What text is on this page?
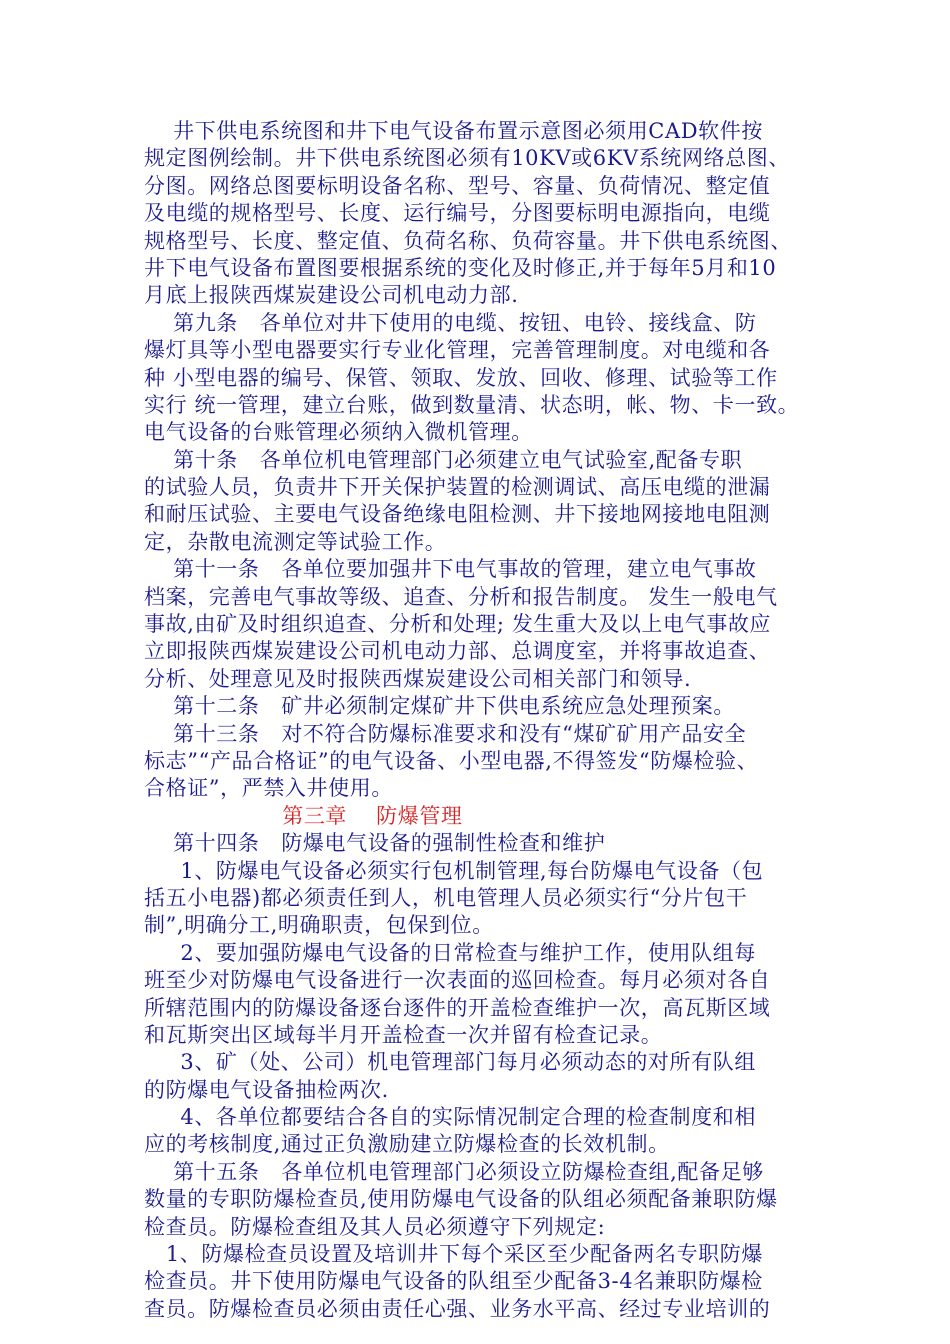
井下供电系统图和井下电气设备布置示意图必须用CAD软件按

规定图例绘制。井下供电系统图必须有10KV或6KV系统网络总图、

分图。网络总图要标明设备名称、型号、容量、负荷情况、整定值

及电缆的规格型号、长度、运行编号，分图要标明电源指向，电缆

规格型号、长度、整定值、负荷名称、负荷容量。井下供电系统图、

井下电气设备布置图要根据系统的变化及时修正,并于每年5月和10

月底上报陕西煤炭建设公司机电动力部.

第九条   各单位对井下使用的电缆、按钮、电铃、接线盒、防

爆灯具等小型电器要实行专业化管理，完善管理制度。对电缆和各

种 小型电器的编号、保管、领取、发放、回收、修理、试验等工作

实行 统一管理，建立台账，做到数量清、状态明，帐、物、卡一致。

电气设备的台账管理必须纳入微机管理。

第十条   各单位机电管理部门必须建立电气试验室,配备专职

的试验人员，负责井下开关保护装置的检测调试、高压电缆的泄漏

和耐压试验、主要电气设备绝缘电阻检测、井下接地网接地电阻测

定，杂散电流测定等试验工作。

第十一条   各单位要加强井下电气事故的管理，建立电气事故

档案，完善电气事故等级、追查、分析和报告制度。 发生一般电气

事故,由矿及时组织追查、分析和处理; 发生重大及以上电气事故应

立即报陕西煤炭建设公司机电动力部、总调度室，并将事故追查、

分析、处理意见及时报陕西煤炭建设公司相关部门和领导.

第十二条   矿井必须制定煤矿井下供电系统应急处理预案。

第十三条   对不符合防爆标准要求和没有“煤矿矿用产品安全

标志”“产品合格证”的电气设备、小型电器,不得签发“防爆检验、

合格证”，严禁入井使用。

第三章    防爆管理

第十四条   防爆电气设备的强制性检查和维护

1、防爆电气设备必须实行包机制管理,每台防爆电气设备（包

括五小电器)都必须责任到人，机电管理人员必须实行“分片包干

制”,明确分工,明确职责，包保到位。

2、要加强防爆电气设备的日常检查与维护工作，使用队组每

班至少对防爆电气设备进行一次表面的巡回检查。每月必须对各自

所辖范围内的防爆设备逐台逐件的开盖检查维护一次，高瓦斯区域

和瓦斯突出区域每半月开盖检查一次并留有检查记录。

3、矿（处、公司）机电管理部门每月必须动态的对所有队组

的防爆电气设备抽检两次.

4、各单位都要结合各自的实际情况制定合理的检查制度和相

应的考核制度,通过正负激励建立防爆检查的长效机制。

第十五条   各单位机电管理部门必须设立防爆检查组,配备足够

数量的专职防爆检查员,使用防爆电气设备的队组必须配备兼职防爆

检查员。防爆检查组及其人员必须遵守下列规定:

1、防爆检查员设置及培训井下每个采区至少配备两名专职防爆

检查员。井下使用防爆电气设备的队组至少配备3-4名兼职防爆检

查员。防爆检查员必须由责任心强、业务水平高、经过专业培训的
